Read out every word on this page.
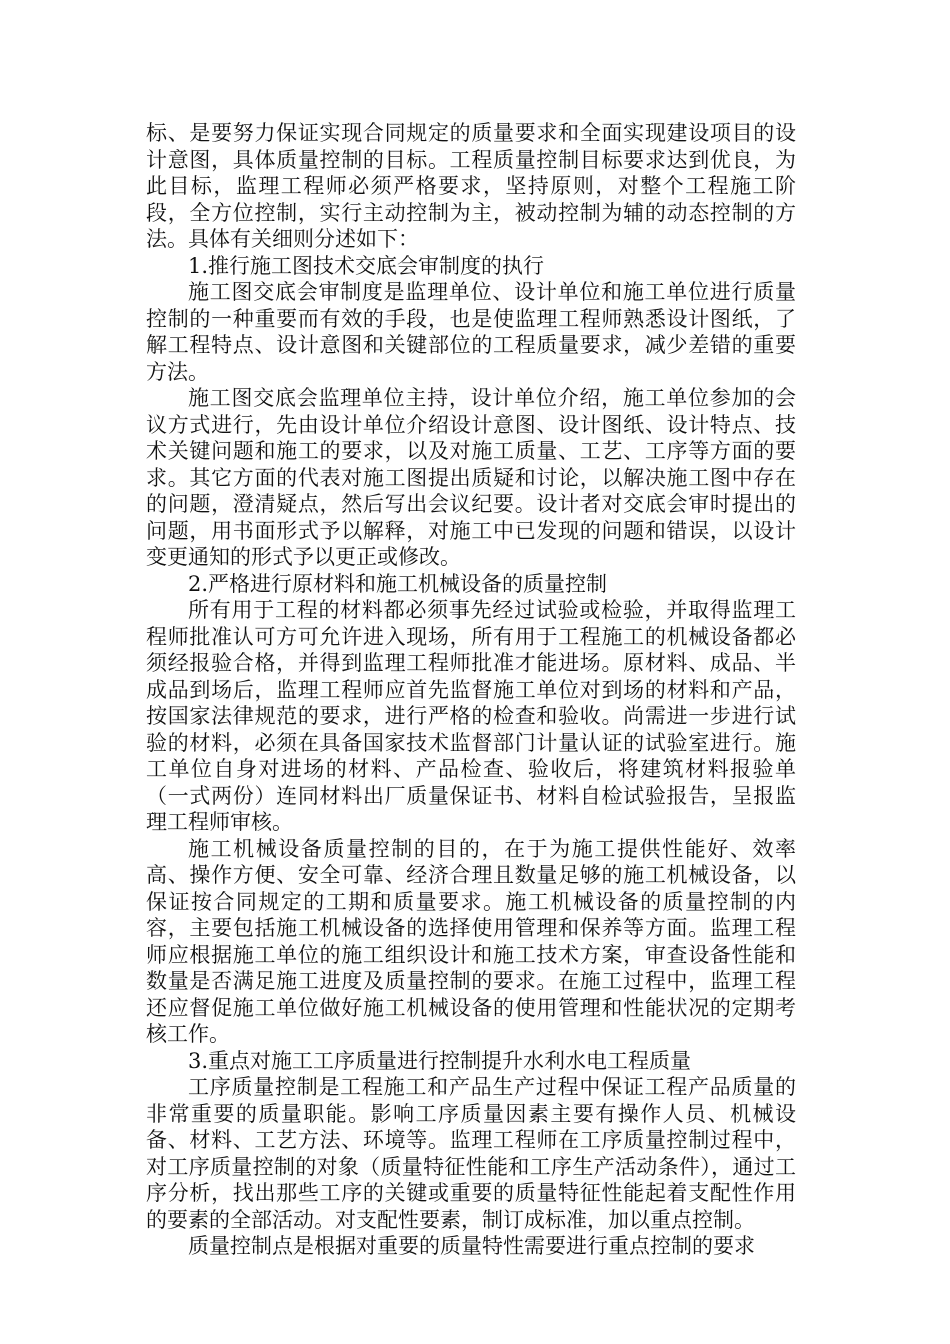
标、是要努力保证实现合同规定的质量要求和全面实现建设项目的设计意图，具体质量控制的目标。工程质量控制目标要求达到优良，为此目标，监理工程师必须严格要求，坚持原则，对整个工程施工阶段，全方位控制，实行主动控制为主，被动控制为辅的动态控制的方法。具体有关细则分述如下：

1.推行施工图技术交底会审制度的执行

施工图交底会审制度是监理单位、设计单位和施工单位进行质量控制的一种重要而有效的手段，也是使监理工程师熟悉设计图纸，了解工程特点、设计意图和关键部位的工程质量要求，减少差错的重要方法。

施工图交底会监理单位主持，设计单位介绍，施工单位参加的会议方式进行，先由设计单位介绍设计意图、设计图纸、设计特点、技术关键问题和施工的要求，以及对施工质量、工艺、工序等方面的要求。其它方面的代表对施工图提出质疑和讨论，以解决施工图中存在的问题，澄清疑点，然后写出会议纪要。设计者对交底会审时提出的问题，用书面形式予以解释，对施工中已发现的问题和错误，以设计变更通知的形式予以更正或修改。

2.严格进行原材料和施工机械设备的质量控制

所有用于工程的材料都必须事先经过试验或检验，并取得监理工程师批准认可方可允许进入现场，所有用于工程施工的机械设备都必须经报验合格，并得到监理工程师批准才能进场。原材料、成品、半成品到场后，监理工程师应首先监督施工单位对到场的材料和产品，按国家法律规范的要求，进行严格的检查和验收。尚需进一步进行试验的材料，必须在具备国家技术监督部门计量认证的试验室进行。施工单位自身对进场的材料、产品检查、验收后，将建筑材料报验单（一式两份）连同材料出厂质量保证书、材料自检试验报告，呈报监理工程师审核。

施工机械设备质量控制的目的，在于为施工提供性能好、效率高、操作方便、安全可靠、经济合理且数量足够的施工机械设备，以保证按合同规定的工期和质量要求。施工机械设备的质量控制的内容，主要包括施工机械设备的选择使用管理和保养等方面。监理工程师应根据施工单位的施工组织设计和施工技术方案，审查设备性能和数量是否满足施工进度及质量控制的要求。在施工过程中，监理工程还应督促施工单位做好施工机械设备的使用管理和性能状况的定期考核工作。

3.重点对施工工序质量进行控制提升水利水电工程质量

工序质量控制是工程施工和产品生产过程中保证工程产品质量的非常重要的质量职能。影响工序质量因素主要有操作人员、机械设备、材料、工艺方法、环境等。监理工程师在工序质量控制过程中，对工序质量控制的对象（质量特征性能和工序生产活动条件），通过工序分析，找出那些工序的关键或重要的质量特征性能起着支配性作用的要素的全部活动。对支配性要素，制订成标准，加以重点控制。

质量控制点是根据对重要的质量特性需要进行重点控制的要求
